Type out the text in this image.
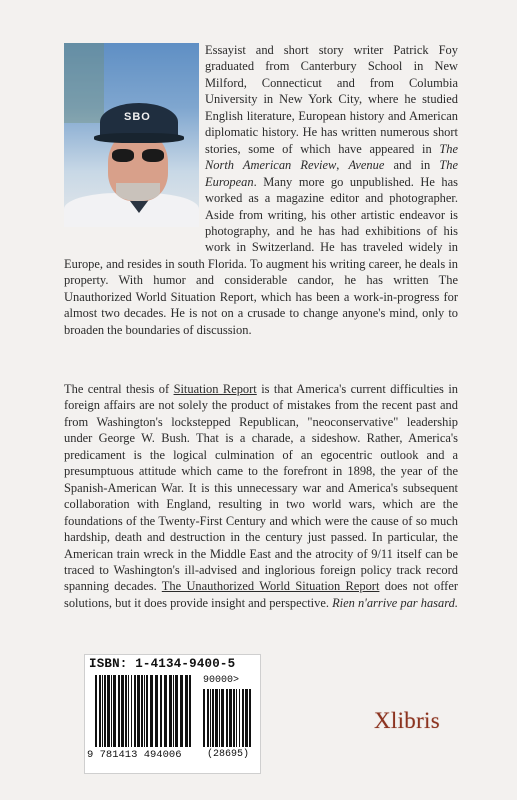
SBO

Essayist and short story writer Patrick Foy graduated from Canterbury School in New Milford, Connecticut and from Columbia University in New York City, where he studied English literature, European history and American diplomatic history. He has written numerous short stories, some of which have appeared in The North American Review, Avenue and in The European. Many more go unpublished. He has worked as a magazine editor and photographer. Aside from writing, his other artistic endeavor is photography, and he has had exhibitions of his work in Switzerland. He has traveled widely in Europe, and resides in south Florida. To augment his writing career, he deals in property. With humor and considerable candor, he has written The Unauthorized World Situation Report, which has been a work-in-progress for almost two decades. He is not on a crusade to change anyone's mind, only to broaden the boundaries of discussion.

The central thesis of Situation Report is that America's current difficulties in foreign affairs are not solely the product of mistakes from the recent past and from Washington's lockstepped Republican, "neoconservative" leadership under George W. Bush. That is a charade, a sideshow. Rather, America's predicament is the logical culmination of an egocentric outlook and a presumptuous attitude which came to the forefront in 1898, the year of the Spanish-American War. It is this unnecessary war and America's subsequent collaboration with England, resulting in two world wars, which are the foundations of the Twenty-First Century and which were the cause of so much hardship, death and destruction in the century just passed. In particular, the American train wreck in the Middle East and the atrocity of 9/11 itself can be traced to Washington's ill-advised and inglorious foreign policy track record spanning decades. The Unauthorized World Situation Report does not offer solutions, but it does provide insight and perspective. Rien n'arrive par hasard.

ISBN: 1-4134-9400-5
90000>
9 781413 494006	(28695)
Xlibris
